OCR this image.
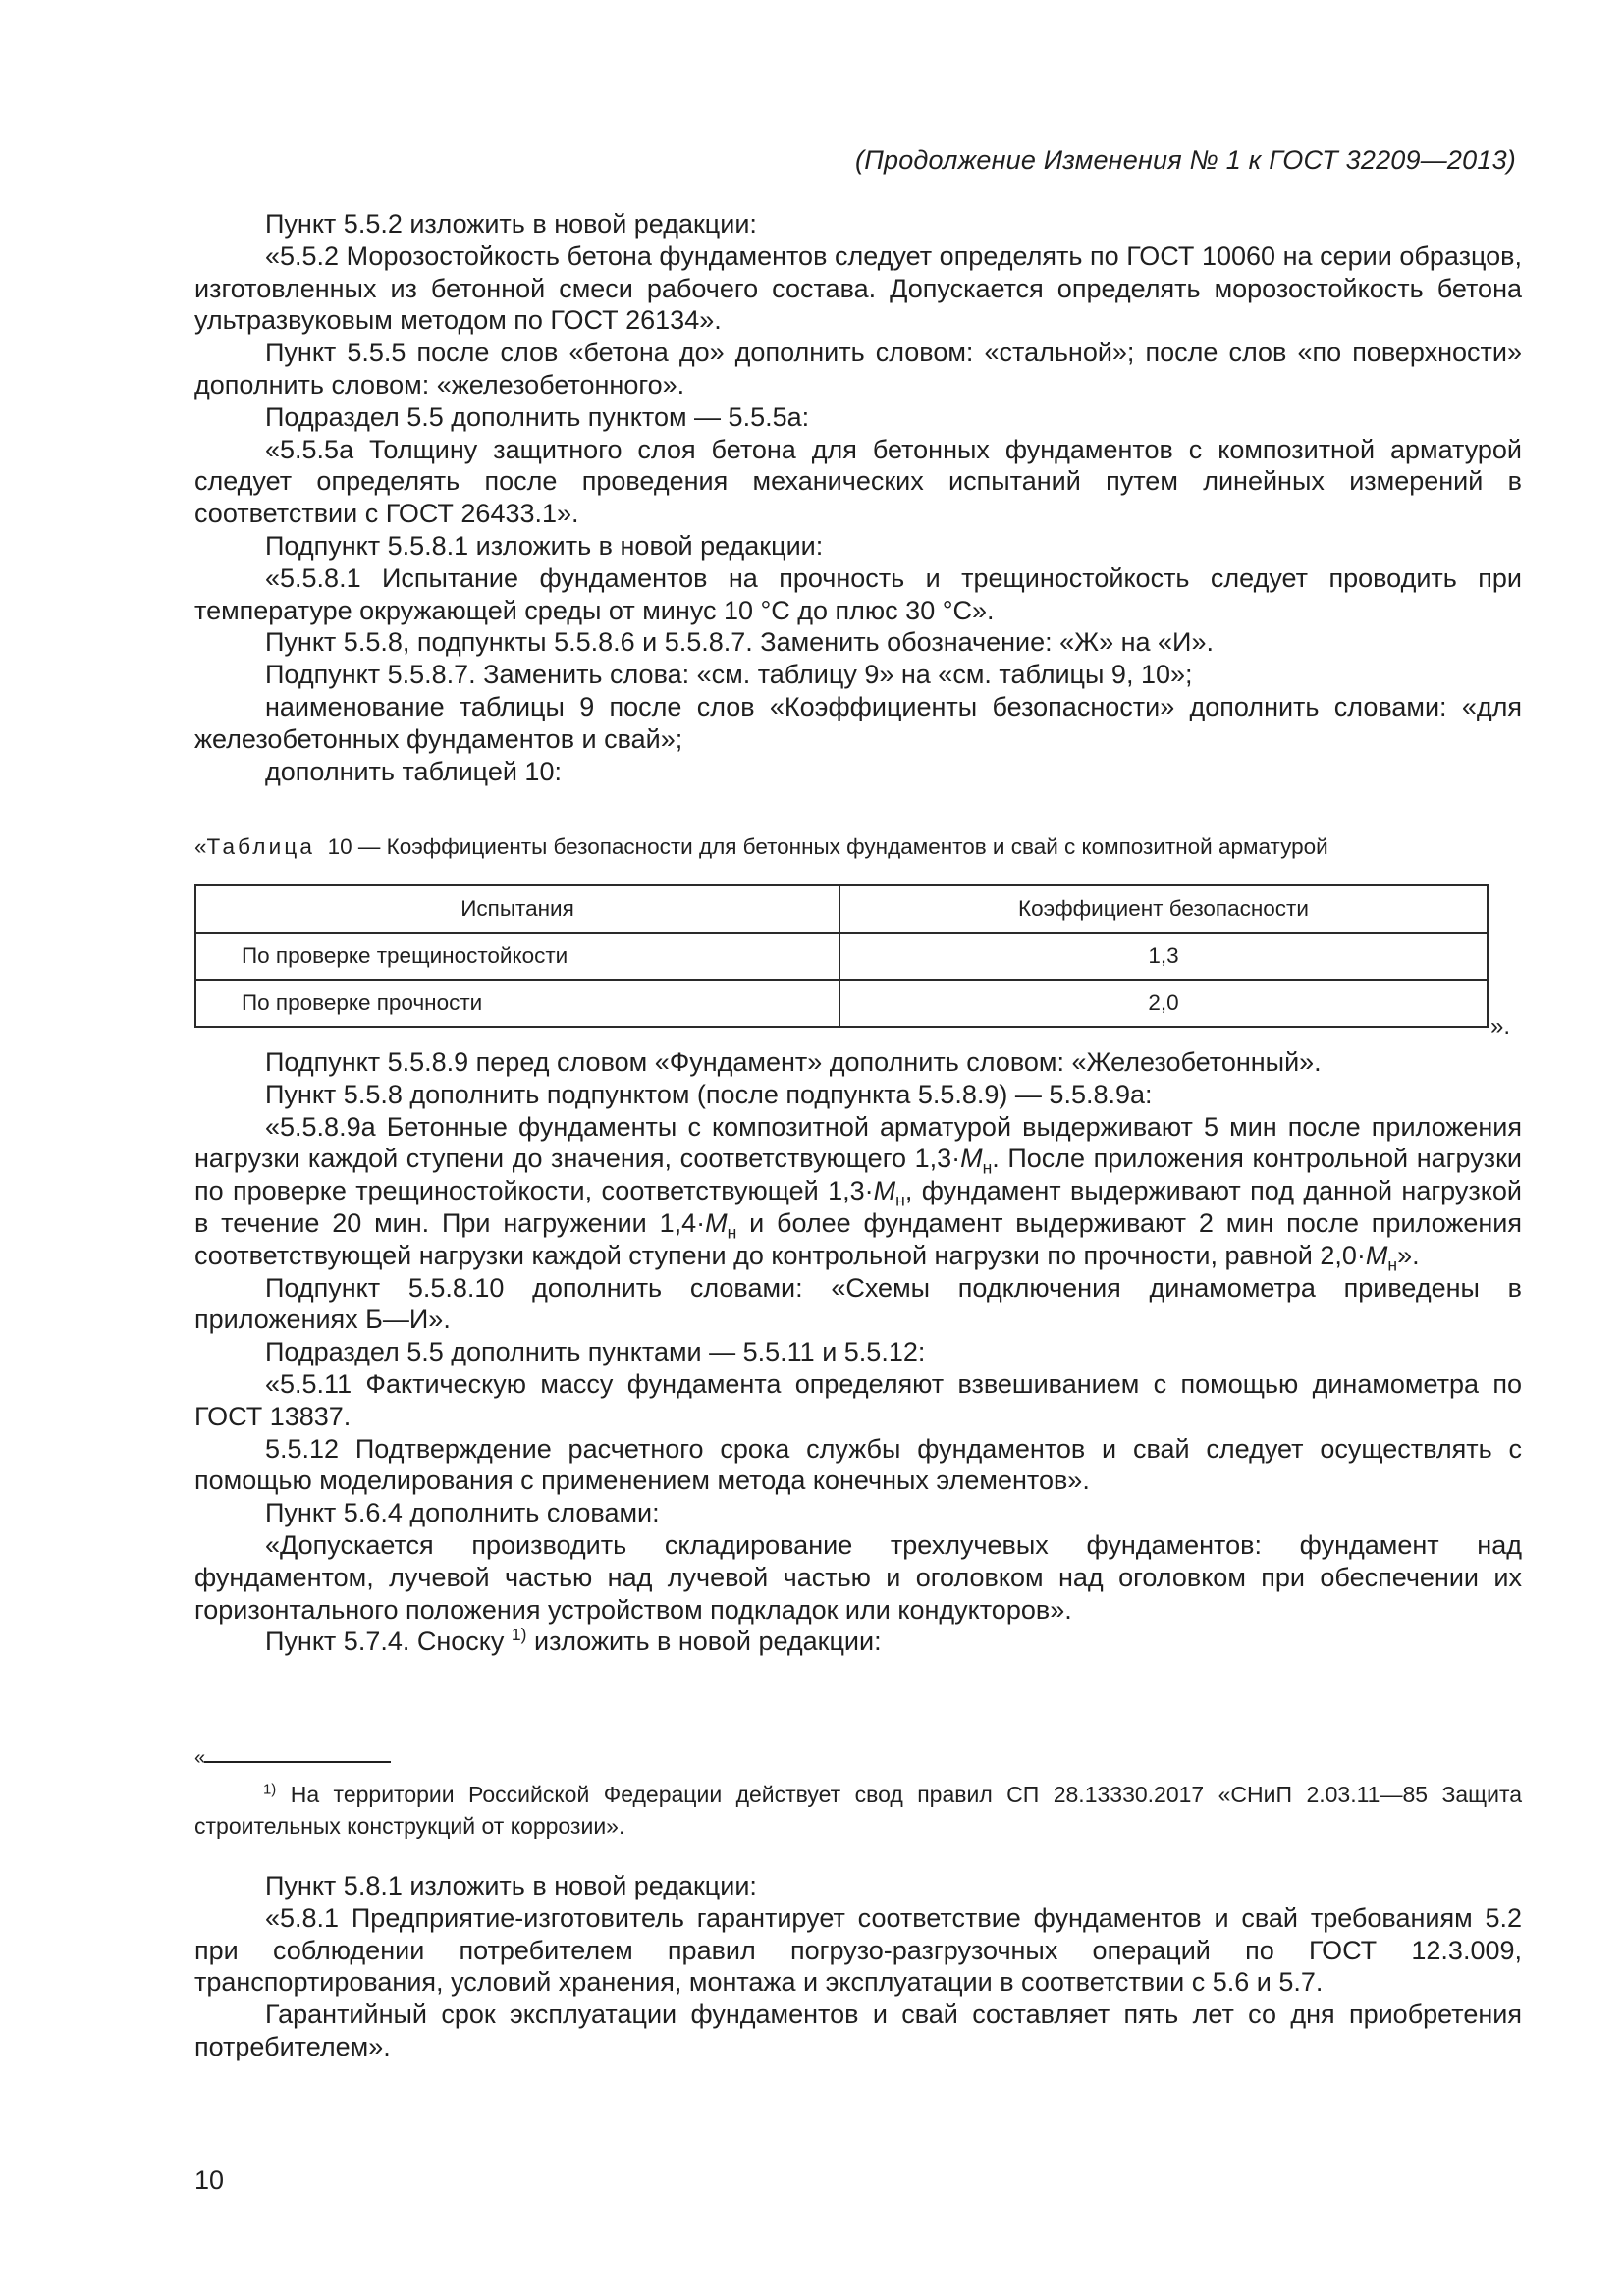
(Продолжение Изменения № 1 к ГОСТ 32209—2013)

Пункт 5.5.2 изложить в новой редакции:

«5.5.2 Морозостойкость бетона фундаментов следует определять по ГОСТ 10060 на серии образцов, изготовленных из бетонной смеси рабочего состава. Допускается определять морозостойкость бетона ультразвуковым методом по ГОСТ 26134».

Пункт 5.5.5 после слов «бетона до» дополнить словом: «стальной»; после слов «по поверхности» дополнить словом: «железобетонного».

Подраздел 5.5 дополнить пунктом — 5.5.5а:

«5.5.5а Толщину защитного слоя бетона для бетонных фундаментов с композитной арматурой следует определять после проведения механических испытаний путем линейных измерений в соответствии с ГОСТ 26433.1».

Подпункт 5.5.8.1 изложить в новой редакции:

«5.5.8.1 Испытание фундаментов на прочность и трещиностойкость следует проводить при температуре окружающей среды от минус 10 °С до плюс 30 °С».

Пункт 5.5.8, подпункты 5.5.8.6 и 5.5.8.7. Заменить обозначение: «Ж» на «И».

Подпункт 5.5.8.7. Заменить слова: «см. таблицу 9» на «см. таблицы 9, 10»;

наименование таблицы 9 после слов «Коэффициенты безопасности» дополнить словами: «для железобетонных фундаментов и свай»;

дополнить таблицей 10:

«Таблица 10 — Коэффициенты безопасности для бетонных фундаментов и свай с композитной арматурой
Испытания	Коэффициент безопасности
По проверке трещиностойкости	1,3
По проверке прочности	2,0
».

Подпункт 5.5.8.9 перед словом «Фундамент» дополнить словом: «Железобетонный».

Пункт 5.5.8 дополнить подпунктом (после подпункта 5.5.8.9) — 5.5.8.9а:

«5.5.8.9а Бетонные фундаменты с композитной арматурой выдерживают 5 мин после приложения нагрузки каждой ступени до значения, соответствующего $1,3\cdot M_н$. После приложения контрольной нагрузки по проверке трещиностойкости, соответствующей $1,3\cdot M_н$, фундамент выдерживают под данной нагрузкой в течение 20 мин. При нагружении $1,4\cdot M_н$ и более фундамент выдерживают 2 мин после приложения соответствующей нагрузки каждой ступени до контрольной нагрузки по прочности, равной $2,0\cdot M_н$».

Подпункт 5.5.8.10 дополнить словами: «Схемы подключения динамометра приведены в приложениях Б—И».

Подраздел 5.5 дополнить пунктами — 5.5.11 и 5.5.12:

«5.5.11 Фактическую массу фундамента определяют взвешиванием с помощью динамометра по ГОСТ 13837.

5.5.12 Подтверждение расчетного срока службы фундаментов и свай следует осуществлять с помощью моделирования с применением метода конечных элементов».

Пункт 5.6.4 дополнить словами:

«Допускается производить складирование трехлучевых фундаментов: фундамент над фундаментом, лучевой частью над лучевой частью и оголовком над оголовком при обеспечении их горизонтального положения устройством подкладок или кондукторов».

Пункт 5.7.4. Сноску $^{1)}$ изложить в новой редакции:

«

$^{1)}$ На территории Российской Федерации действует свод правил СП 28.13330.2017 «СНиП 2.03.11—85 Защита строительных конструкций от коррозии».

Пункт 5.8.1 изложить в новой редакции:

«5.8.1 Предприятие-изготовитель гарантирует соответствие фундаментов и свай требованиям 5.2 при соблюдении потребителем правил погрузо-разгрузочных операций по ГОСТ 12.3.009, транспортирования, условий хранения, монтажа и эксплуатации в соответствии с 5.6 и 5.7.

Гарантийный срок эксплуатации фундаментов и свай составляет пять лет со дня приобретения потребителем».

10
